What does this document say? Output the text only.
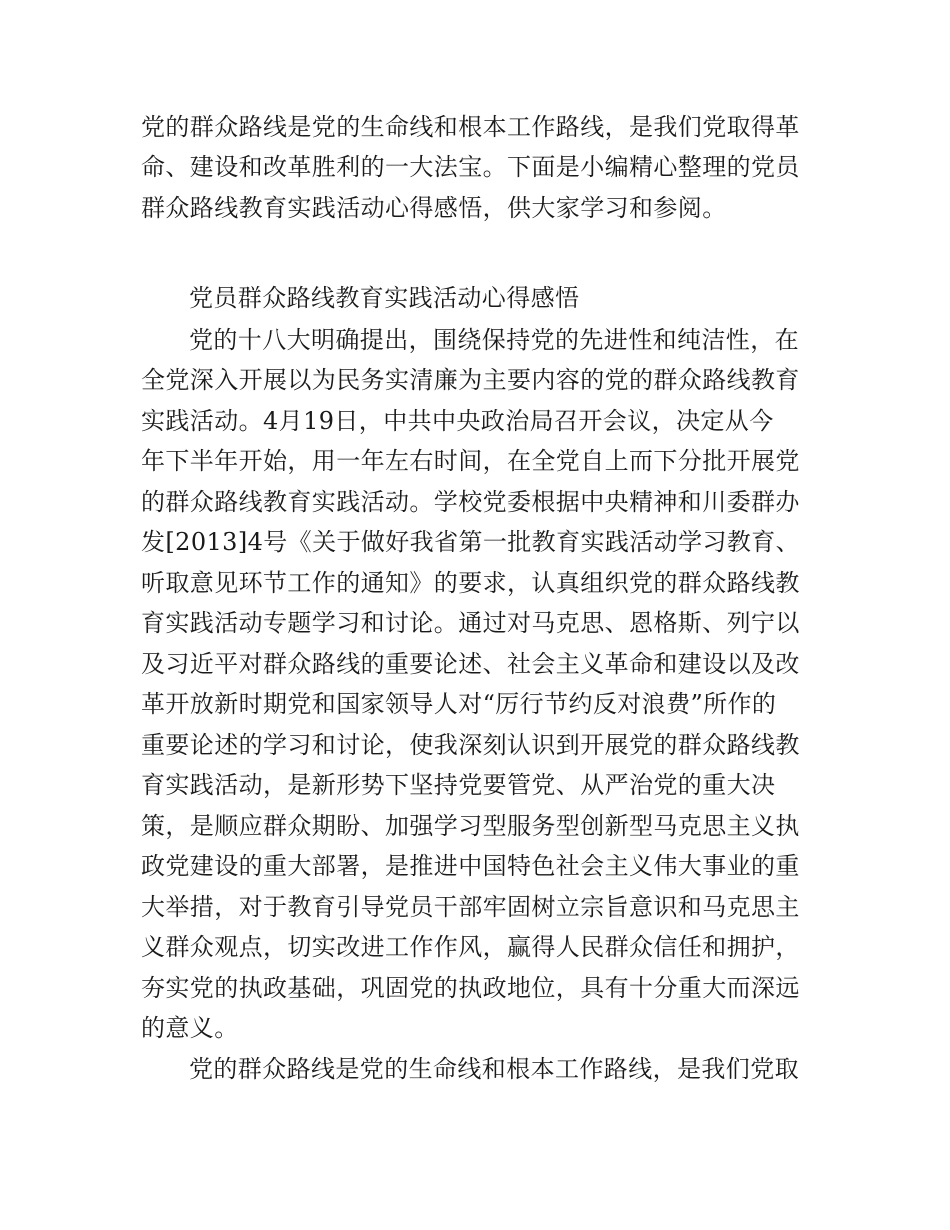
党的群众路线是党的生命线和根本工作路线，是我们党取得革
命、建设和改革胜利的一大法宝。下面是小编精心整理的党员
群众路线教育实践活动心得感悟，供大家学习和参阅。
党员群众路线教育实践活动心得感悟
党的十八大明确提出，围绕保持党的先进性和纯洁性，在
全党深入开展以为民务实清廉为主要内容的党的群众路线教育
实践活动。4月19日，中共中央政治局召开会议，决定从今
年下半年开始，用一年左右时间，在全党自上而下分批开展党
的群众路线教育实践活动。学校党委根据中央精神和川委群办
发[2013]4号《关于做好我省第一批教育实践活动学习教育、
听取意见环节工作的通知》的要求，认真组织党的群众路线教
育实践活动专题学习和讨论。通过对马克思、恩格斯、列宁以
及习近平对群众路线的重要论述、社会主义革命和建设以及改
革开放新时期党和国家领导人对“厉行节约反对浪费”所作的
重要论述的学习和讨论，使我深刻认识到开展党的群众路线教
育实践活动，是新形势下坚持党要管党、从严治党的重大决
策，是顺应群众期盼、加强学习型服务型创新型马克思主义执
政党建设的重大部署，是推进中国特色社会主义伟大事业的重
大举措，对于教育引导党员干部牢固树立宗旨意识和马克思主
义群众观点，切实改进工作作风，赢得人民群众信任和拥护，
夯实党的执政基础，巩固党的执政地位，具有十分重大而深远
的意义。
党的群众路线是党的生命线和根本工作路线，是我们党取
